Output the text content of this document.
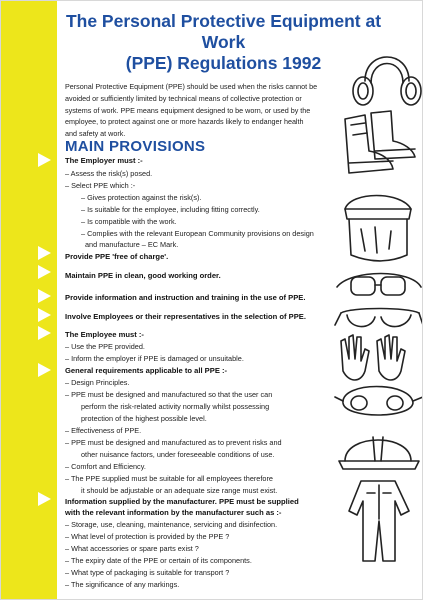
The Personal Protective Equipment at Work
(PPE) Regulations 1992
Personal Protective Equipment (PPE) should be used when the risks cannot be
avoided or sufficiently limited by technical means of collective protection or
systems of work. PPE means equipment designed to be worn, or used by the
employee, to protect against one or more hazards likely to endanger health
and safety at work.
MAIN PROVISIONS
The Employer must :-
– Assess the risk(s) posed.
– Select PPE which :-
– Gives protection against the risk(s).
– Is suitable for the employee, including fitting correctly.
– Is compatible with the work.
– Complies with the relevant European Community provisions on design
and manufacture – EC Mark.
Provide PPE 'free of charge'.
Maintain PPE in clean, good working order.
Provide information and instruction and training in the use of PPE.
Involve Employees or their representatives in the selection of PPE.
The Employee must :-
– Use the PPE provided.
– Inform the employer if PPE is damaged or unsuitable.
General requirements applicable to all PPE :-
– Design Principles.
– PPE must be designed and manufactured so that the user can
perform the risk-related activity normally whilst possessing
protection of the highest possible level.
– Effectiveness of PPE.
– PPE must be designed and manufactured as to prevent risks and
other nuisance factors, under foreseeable conditions of use.
– Comfort and Efficiency.
– The PPE supplied must be suitable for all employees therefore
it should be adjustable or an adequate size range must exist.
Information supplied by the manufacturer. PPE must be supplied
with the relevant information by the manufacturer such as :-
– Storage, use, cleaning, maintenance, servicing and disinfection.
– What level of protection is provided by the PPE ?
– What accessories or spare parts exist ?
– The expiry date of the PPE or certain of its components.
– What type of packaging is suitable for transport ?
– The significance of any markings.
